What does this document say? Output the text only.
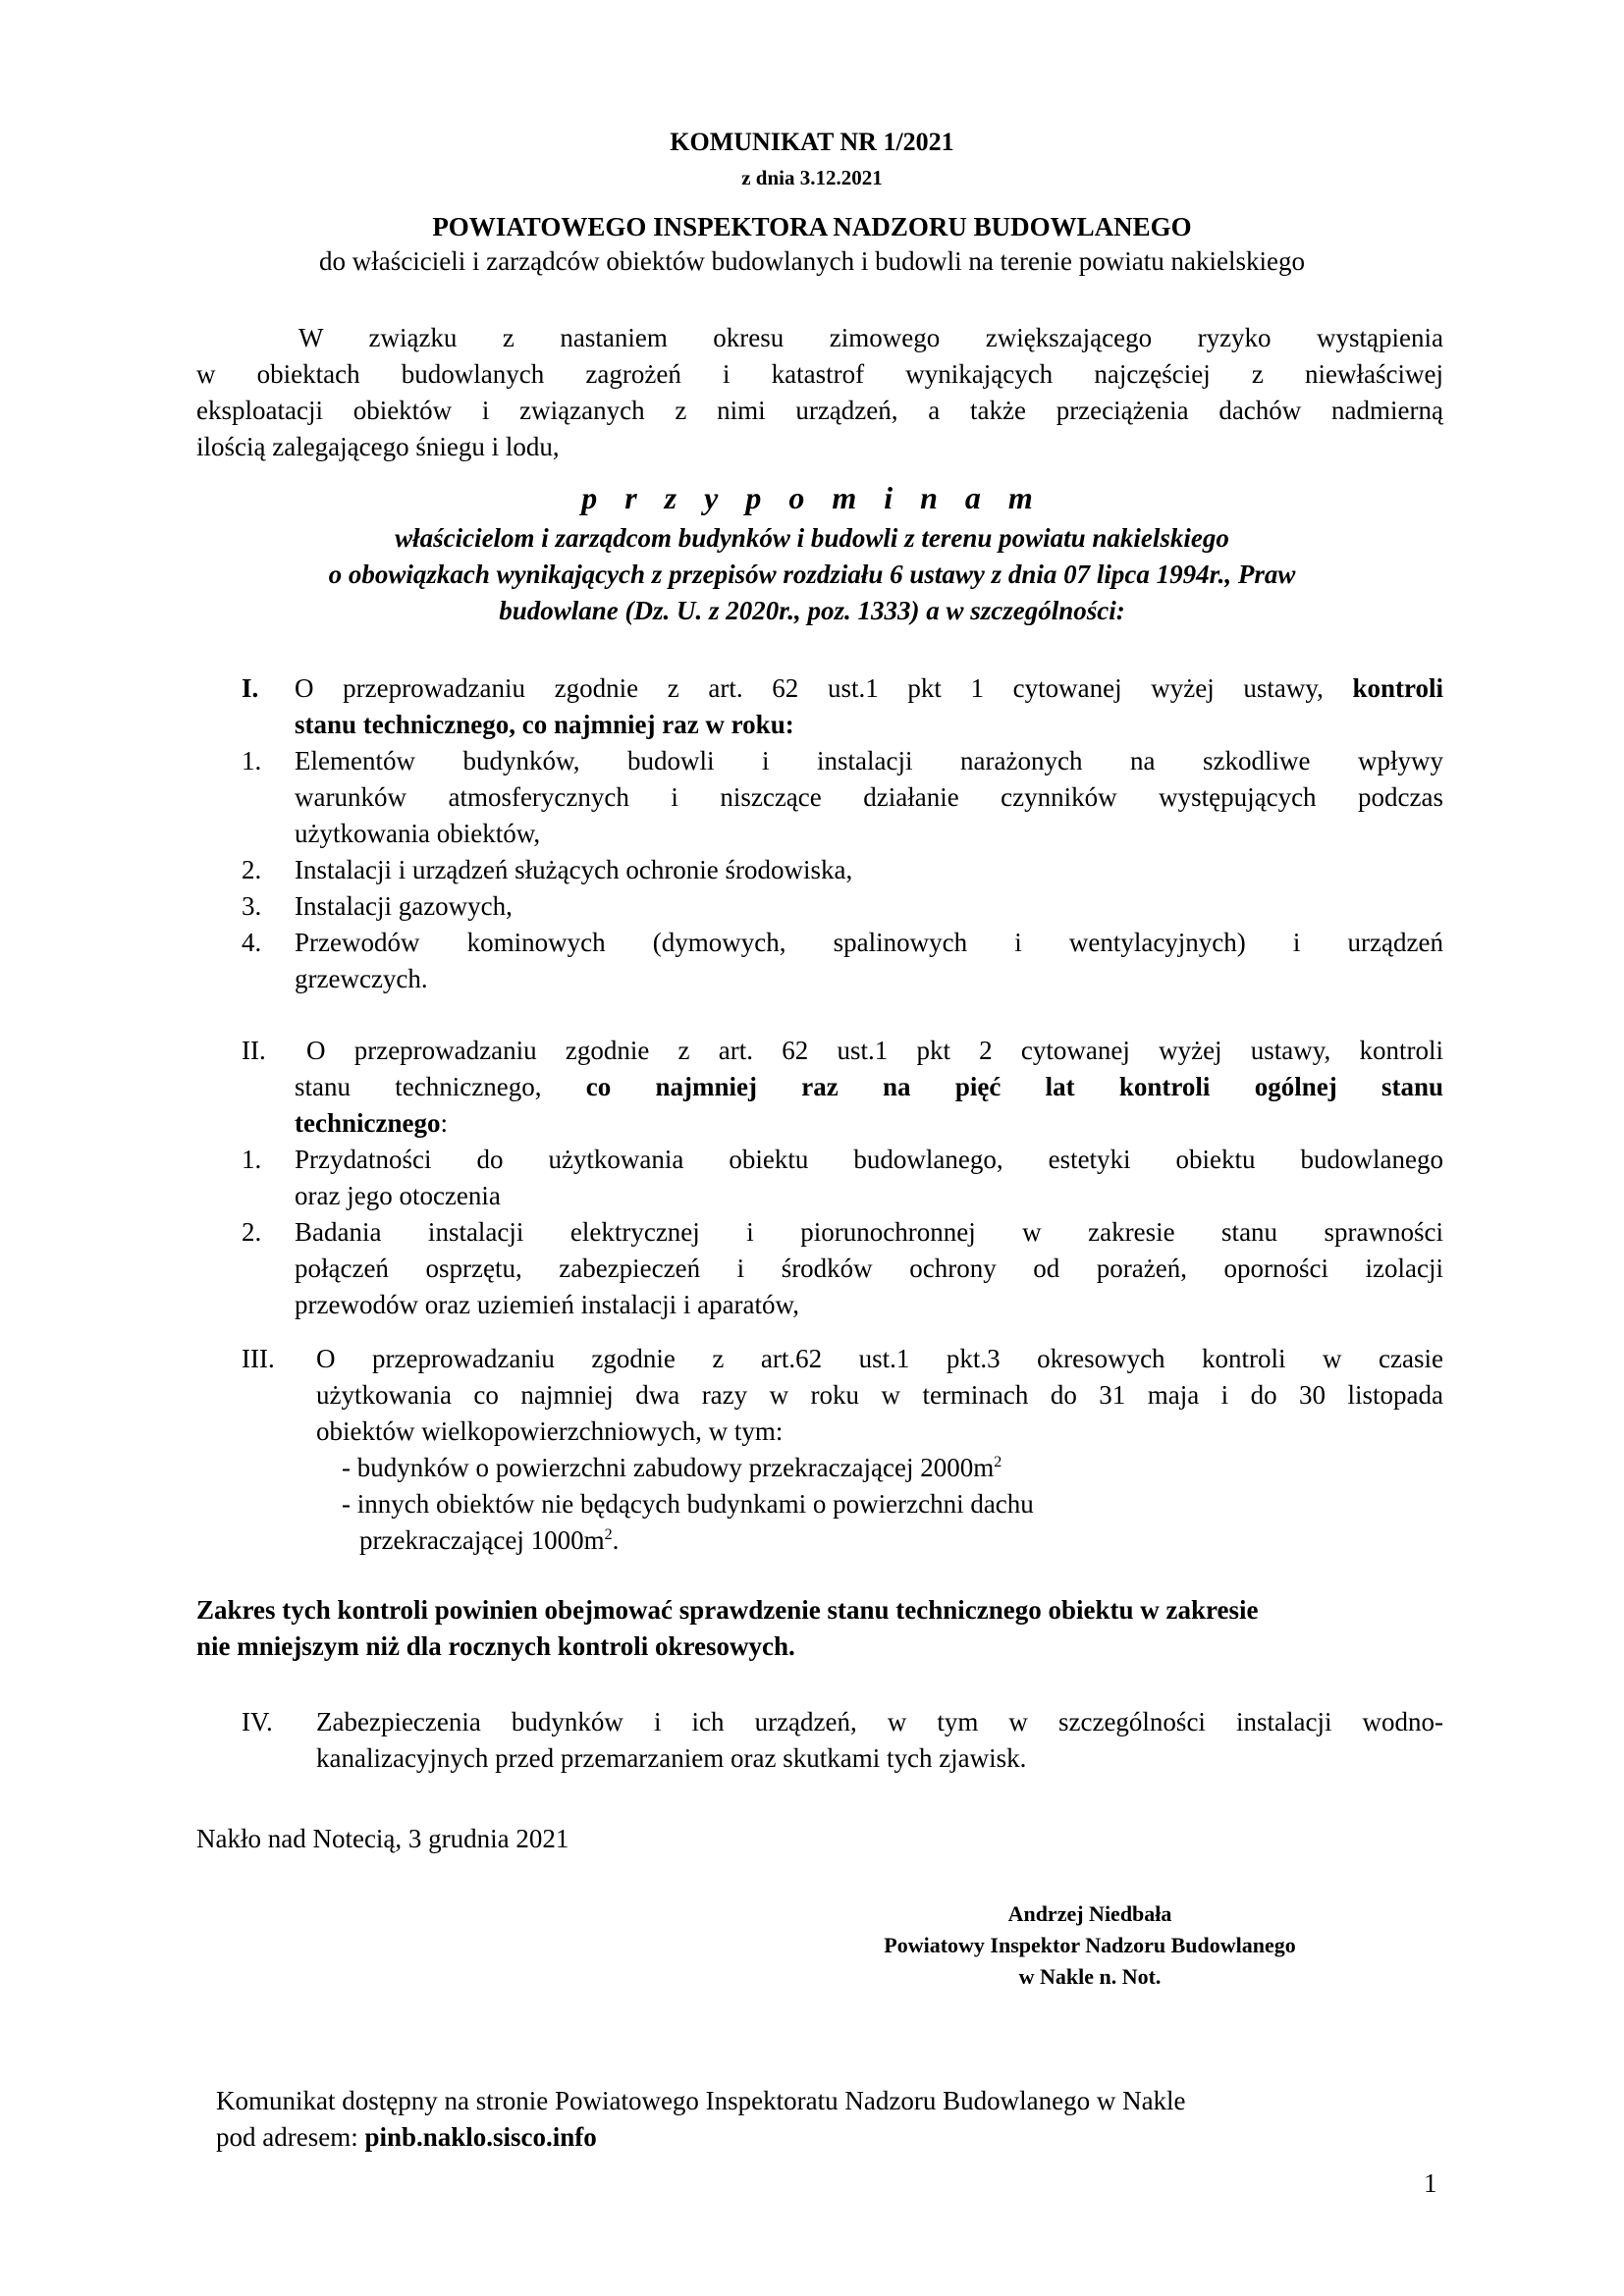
KOMUNIKAT NR 1/2021
z dnia 3.12.2021
POWIATOWEGO INSPEKTORA NADZORU BUDOWLANEGO
do właścicieli i zarządców obiektów budowlanych i budowli na terenie powiatu nakielskiego
W związku z nastaniem okresu zimowego zwiększającego ryzyko wystąpienia
w obiektach budowlanych zagrożeń i katastrof wynikających najczęściej z niewłaściwej
eksploatacji obiektów i związanych z nimi urządzeń, a także przeciążenia dachów nadmierną
ilością zalegającego śniegu i lodu,
p r z y p o m i n a m
właścicielom i zarządcom budynków i budowli z terenu powiatu nakielskiego
o obowiązkach wynikających z przepisów rozdziału 6 ustawy z dnia 07 lipca 1994r., Praw
budowlane (Dz. U. z 2020r., poz. 1333) a w szczególności:
I. O przeprowadzaniu zgodnie z art. 62 ust.1 pkt 1 cytowanej wyżej ustawy, kontroli
stanu technicznego, co najmniej raz w roku:
1. Elementów budynków, budowli i instalacji narażonych na szkodliwe wpływy
warunków atmosferycznych i niszczące działanie czynników występujących podczas
użytkowania obiektów,
2. Instalacji i urządzeń służących ochronie środowiska,
3. Instalacji gazowych,
4. Przewodów kominowych (dymowych, spalinowych i wentylacyjnych) i urządzeń
grzewczych.
II.	O przeprowadzaniu zgodnie z art. 62 ust.1 pkt 2 cytowanej wyżej ustawy, kontroli
stanu technicznego, co najmniej raz na pięć lat kontroli ogólnej stanu
technicznego:
1. Przydatności do użytkowania obiektu budowlanego, estetyki obiektu budowlanego
oraz jego otoczenia
2. Badania instalacji elektrycznej i piorunochronnej w zakresie stanu sprawności
połączeń osprzętu, zabezpieczeń i środków ochrony od porażeń, oporności izolacji
przewodów oraz uziemień instalacji i aparatów,
III. O przeprowadzaniu zgodnie z art.62 ust.1 pkt.3 okresowych kontroli w czasie
użytkowania co najmniej dwa razy w roku w terminach do 31 maja i do 30 listopada
obiektów wielkopowierzchniowych, w tym:
- budynków o powierzchni zabudowy przekraczającej $2000m^2$
- innych obiektów nie będących budynkami o powierzchni dachu
przekraczającej $1000m^2$.
Zakres tych kontroli powinien obejmować sprawdzenie stanu technicznego obiektu w zakresie
nie mniejszym niż dla rocznych kontroli okresowych.
IV. Zabezpieczenia budynków i ich urządzeń, w tym w szczególności instalacji wodno-
kanalizacyjnych przed przemarzaniem oraz skutkami tych zjawisk.
Nakło nad Notecią, 3 grudnia 2021
Andrzej Niedbała
Powiatowy Inspektor Nadzoru Budowlanego
w Nakle n. Not.
Komunikat dostępny na stronie Powiatowego Inspektoratu Nadzoru Budowlanego w Nakle
pod adresem: pinb.naklo.sisco.info
1
